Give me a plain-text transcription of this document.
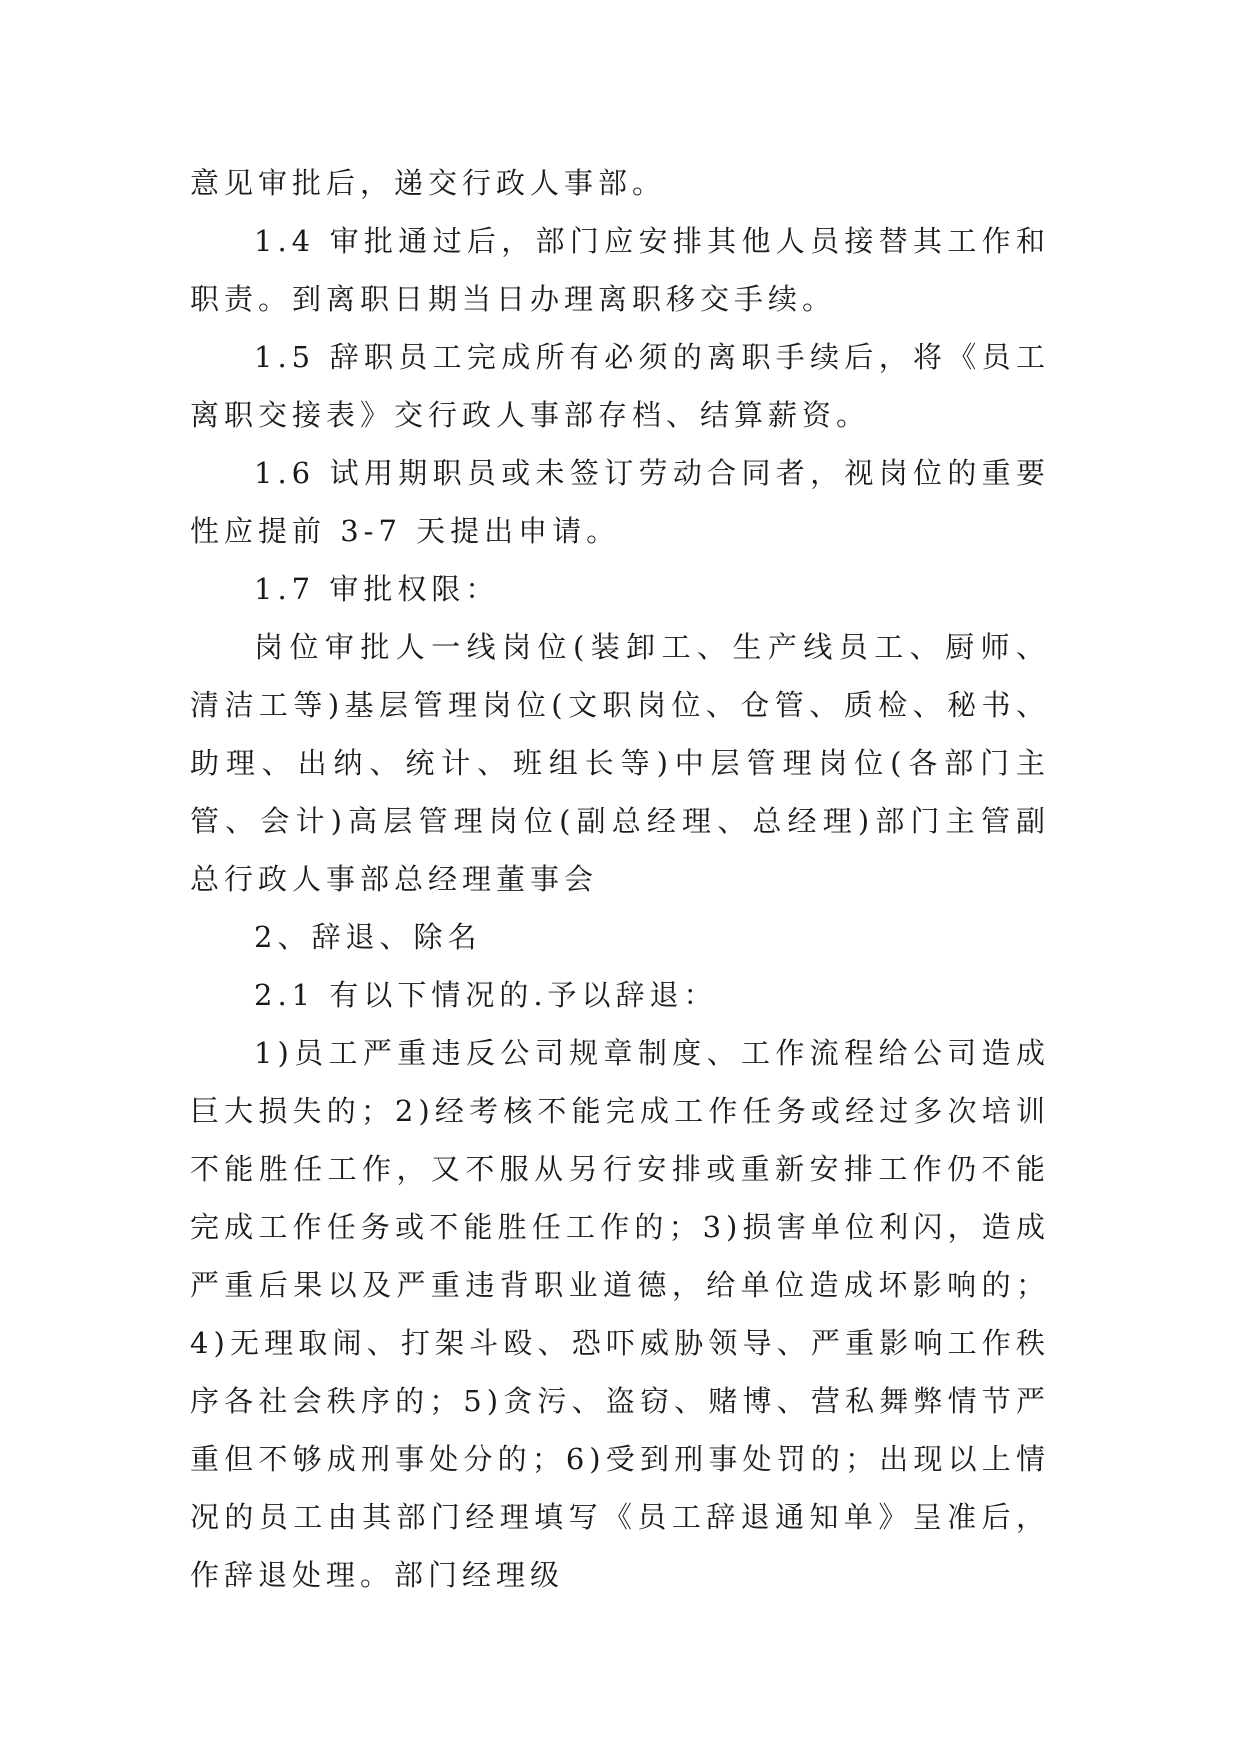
意见审批后，递交行政人事部。

1.4 审批通过后，部门应安排其他人员接替其工作和职责。到离职日期当日办理离职移交手续。

1.5 辞职员工完成所有必须的离职手续后，将《员工离职交接表》交行政人事部存档、结算薪资。

1.6 试用期职员或未签订劳动合同者，视岗位的重要性应提前 3-7 天提出申请。

1.7 审批权限：

岗位审批人一线岗位(装卸工、生产线员工、厨师、清洁工等)基层管理岗位(文职岗位、仓管、质检、秘书、助理、出纳、统计、班组长等)中层管理岗位(各部门主管、会计)高层管理岗位(副总经理、总经理)部门主管副总行政人事部总经理董事会

2、辞退、除名

2.1 有以下情况的.予以辞退：

1)员工严重违反公司规章制度、工作流程给公司造成巨大损失的；2)经考核不能完成工作任务或经过多次培训不能胜任工作，又不服从另行安排或重新安排工作仍不能完成工作任务或不能胜任工作的；3)损害单位利闪，造成严重后果以及严重违背职业道德，给单位造成坏影响的；4)无理取闹、打架斗殴、恐吓威胁领导、严重影响工作秩序各社会秩序的；5)贪污、盗窃、赌博、营私舞弊情节严重但不够成刑事处分的；6)受到刑事处罚的；出现以上情况的员工由其部门经理填写《员工辞退通知单》呈准后，作辞退处理。部门经理级
